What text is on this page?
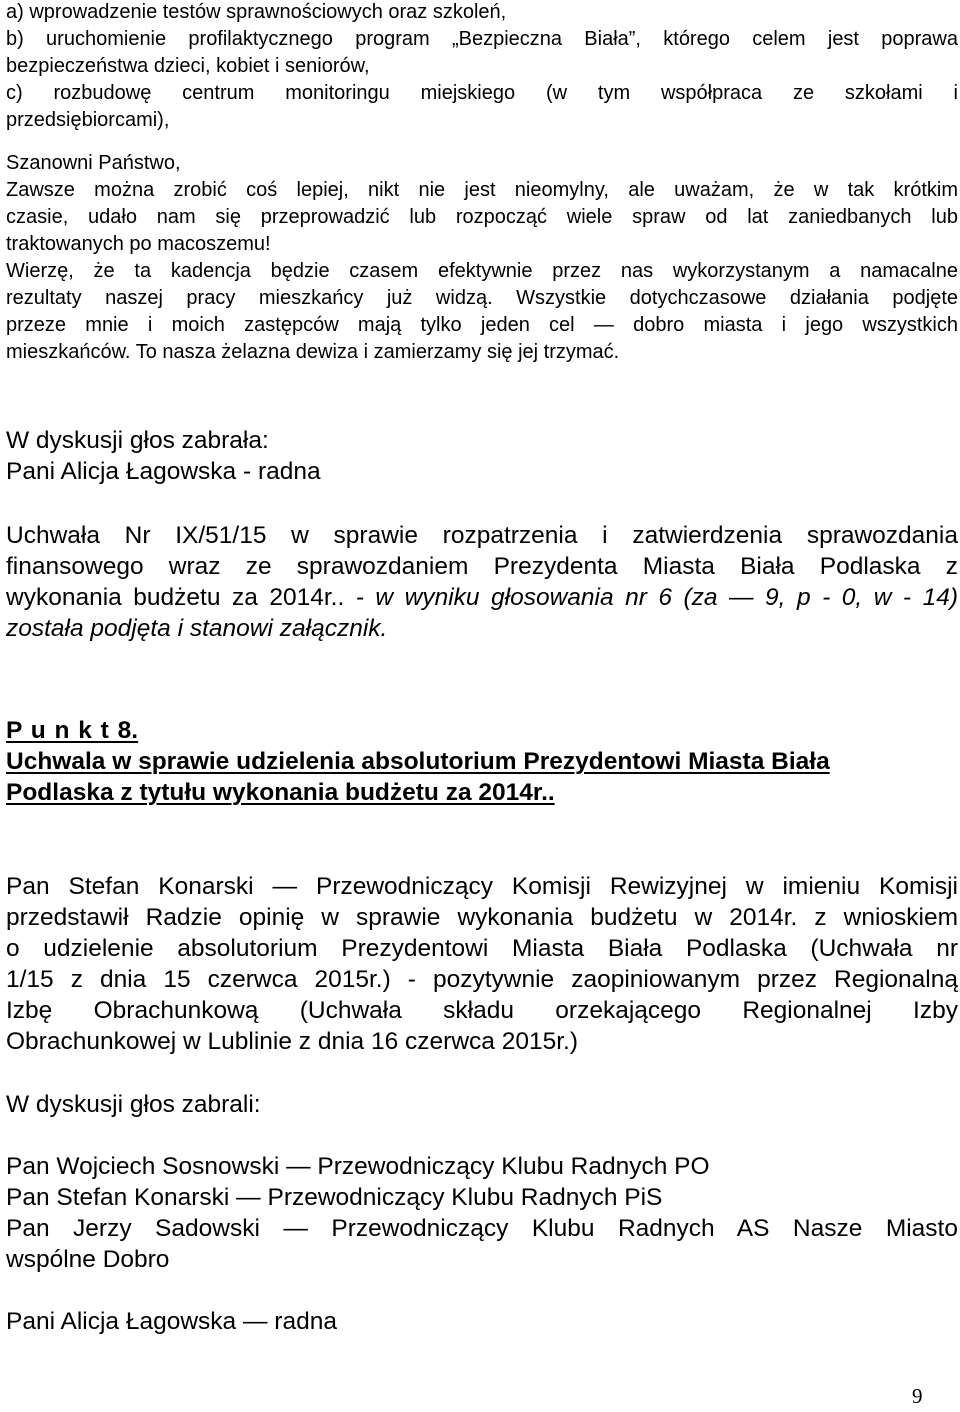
a) wprowadzenie testów sprawnościowych oraz szkoleń,

b) uruchomienie profilaktycznego program „Bezpieczna Biała”, którego celem jest poprawa

bezpieczeństwa dzieci, kobiet i seniorów,

c) rozbudowę centrum monitoringu miejskiego (w tym współpraca ze szkołami i

przedsiębiorcami),

Szanowni Państwo,

Zawsze można zrobić coś lepiej, nikt nie jest nieomylny, ale uważam, że w tak krótkim

czasie, udało nam się przeprowadzić lub rozpocząć wiele spraw od lat zaniedbanych lub

traktowanych po macoszemu!

Wierzę, że ta kadencja będzie czasem efektywnie przez nas wykorzystanym a namacalne

rezultaty naszej pracy mieszkańcy już widzą. Wszystkie dotychczasowe działania podjęte

przeze mnie i moich zastępców mają tylko jeden cel — dobro miasta i jego wszystkich

mieszkańców. To nasza żelazna dewiza i zamierzamy się jej trzymać.

W dyskusji głos zabrała:

Pani Alicja Łagowska - radna

Uchwała Nr IX/51/15 w sprawie rozpatrzenia i zatwierdzenia sprawozdania

finansowego wraz ze sprawozdaniem Prezydenta Miasta Biała Podlaska z

wykonania budżetu za 2014r.. - w wyniku głosowania nr 6 (za — 9, p - 0, w - 14)

została podjęta i stanowi załącznik.

P u n k t 8.

Uchwala w sprawie udzielenia absolutorium Prezydentowi Miasta Biała

Podlaska z tytułu wykonania budżetu za 2014r..

Pan Stefan Konarski — Przewodniczący Komisji Rewizyjnej w imieniu Komisji

przedstawił Radzie opinię w sprawie wykonania budżetu w 2014r. z wnioskiem

o udzielenie absolutorium Prezydentowi Miasta Biała Podlaska (Uchwała nr

1/15 z dnia 15 czerwca 2015r.) - pozytywnie zaopiniowanym przez Regionalną

Izbę Obrachunkową (Uchwała składu orzekającego Regionalnej Izby

Obrachunkowej w Lublinie z dnia 16 czerwca 2015r.)

W dyskusji głos zabrali:

Pan Wojciech Sosnowski — Przewodniczący Klubu Radnych PO

Pan Stefan Konarski — Przewodniczący Klubu Radnych PiS

Pan Jerzy Sadowski — Przewodniczący Klubu Radnych AS Nasze Miasto

wspólne Dobro

Pani Alicja Łagowska — radna

9
